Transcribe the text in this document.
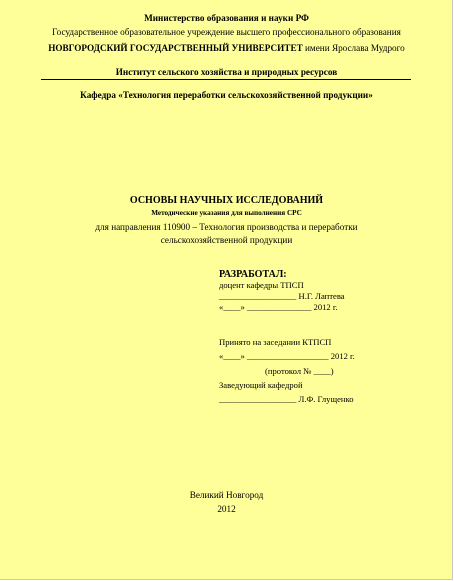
Министерство образования и науки РФ
Государственное образовательное учреждение высшего профессионального образования
НОВГОРОДСКИЙ ГОСУДАРСТВЕННЫЙ УНИВЕРСИТЕТ имени Ярослава Мудрого
Институт сельского хозяйства и природных ресурсов
Кафедра «Технология переработки сельскохозяйственной продукции»
ОСНОВЫ НАУЧНЫХ ИССЛЕДОВАНИЙ
Методические указания для выполнения СРС
для направления 110900 – Технология производства и переработки
сельскохозяйственной продукции
РАЗРАБОТАЛ:
доцент кафедры ТПСП
__________________ Н.Г. Лаптева
«____» _______________ 2012 г.
Принято на заседании КТПСП
«____» ___________________ 2012 г.
(протокол № ____)
Заведующий кафедрой
__________________ Л.Ф. Глущенко
Великий Новгород
2012
